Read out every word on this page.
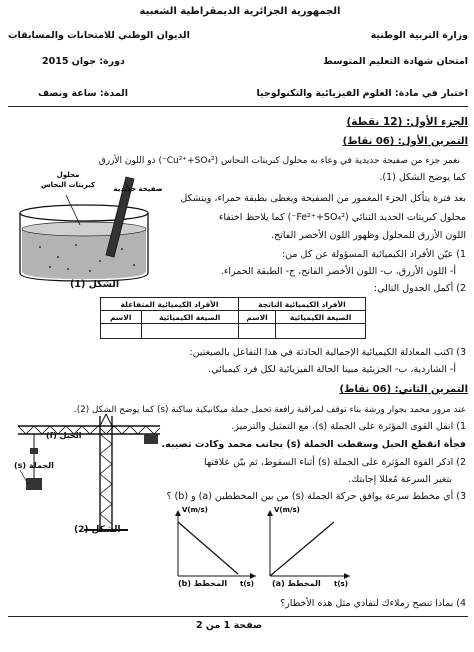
الجمهورية الجزائرية الديمقراطية الشعبية
وزارة التربية الوطنية
الديوان الوطني للامتحانات والمسابقات
امتحان شهادة التعليم المتوسط
دورة: جوان 2015
اختبار في مادة: العلوم الفيزيائية والتكنولوجيا
المدة: ساعة ونصف
الجزء الأول: (12 نقطة)
التمرين الأول: (06 نقاط)
نغمر جزء من صفيحة حديدية في وعاء به محلول كبريتات النحاس (Cu²⁺+SO₄²⁻) ذو اللون الأزرق
كما يوضح الشكل (1).
بعد فترة يتأكل الجزء المغمور من الصفيحة ويغطى بطبقة حمراء، ويتشكل
محلول كبريتات الحديد الثنائي (Fe²⁺+SO₄²⁻) كما يلاحظ اختفاء
اللون الأزرق للمحلول وظهور اللون الأخضر الفاتح.
1) عيّن الأفراد الكيميائية المسؤولة عن كل من:
أ- اللون الأزرق، ب- اللون الأخضر الفاتح، ج- الطبقة الحمراء.
2) أكمل الجدول التالي:
محلول
كبريتات النحاس	صفيحة حديدية
الشكل (1)
الأفراد الكيميائية الناتجة		الأفراد الكيميائية المتفاعلة	
الصيغة الكيميائية	الاسم	الصيغة الكيميائية	الاسم

3) اكتب المعادلة الكيميائية الإجمالية الحادثة في هذا التفاعل بالصيغتين:
أ- الشاردية، ب- الجزيئية مبينا الحالة الفيزيائية لكل فرد كيميائي.
التمرين الثاني: (06 نقاط)
عند مرور محمد بجوار ورشة بناء توقف لمراقبة رافعة تحمل جملة ميكانيكية ساكنة (s) كما يوضح الشكل (2).
1) انقل القوى المؤثرة على الجملة (s)، مع التمثيل والترميز.
فجأة انقطع الحبل وسقطت الجملة (s) بجانب محمد وكادت تصيبه.
2) اذكر القوة المؤثرة على الجملة (s) أثناء السقوط، ثم بيّن علاقتها
بتغير السرعة مُعللا إجابتك.
3) أي مخطط سرعة يوافق حركة الجملة (s) من بين المخططين (a) و (b) ؟
الحبل (f)
الجملة (s)
الشكل (2)
V(m/s)
t(s)
V(m/s)
t(s)
المخطط (b)	المخطط (a)
4) بماذا تنصح زملاءك لتفادي مثل هذه الأخطار؟
صفحة 1 من 2
